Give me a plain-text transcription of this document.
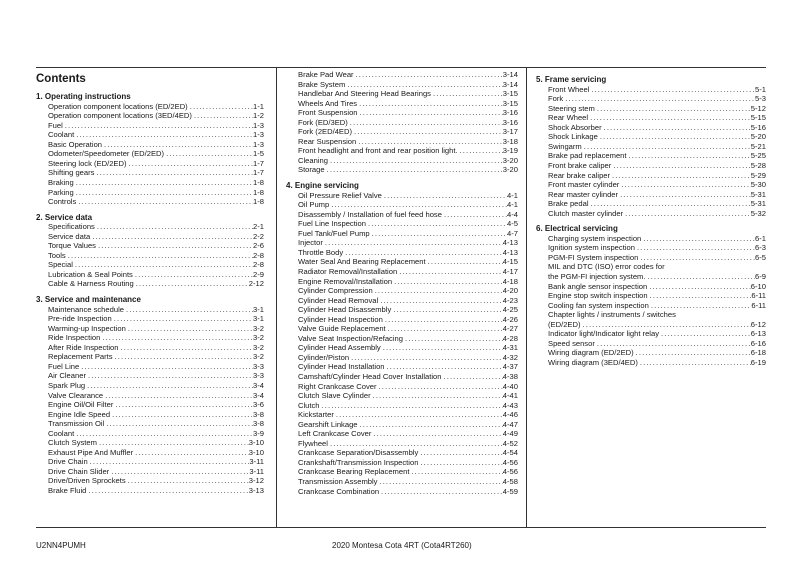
Contents
1. Operating instructions
Operation component locations (ED/2ED) . . .	1-1
Operation component locations (3ED/4ED) . . .	1-2
Fuel . . .	1-3
Coolant . . .	1-3
Basic Operation . . .	1-3
Odometer/Speedometer (ED/2ED) . . .	1-5
Steering lock (ED/2ED) . . .	1-7
Shifting gears . . .	1-7
Braking . . .	1-8
Parking . . .	1-8
Controls . . .	1-8
2. Service data
Specifications . . .	2-1
Service data . . .	2-2
Torque Values . . .	2-6
Tools . . .	2-8
Special . . .	2-8
Lubrication & Seal Points . . .	2-9
Cable & Harness Routing . . .	2-12
3. Service and maintenance
Maintenance schedule . . .	3-1
Pre-ride Inspection . . .	3-1
Warming-up Inspection . . .	3-2
Ride Inspection . . .	3-2
After Ride Inspection . . .	3-2
Replacement Parts . . .	3-2
Fuel Line . . .	3-3
Air Cleaner . . .	3-3
Spark Plug . . .	3-4
Valve Clearance . . .	3-4
Engine Oil/Oil Filter . . .	3-6
Engine Idle Speed . . .	3-8
Transmission Oil . . .	3-8
Coolant . . .	3-9
Clutch System . . .	3-10
Exhaust Pipe And Muffler . . .	3-10
Drive Chain . . .	3-11
Drive Chain Slider . . .	3-11
Drive/Driven Sprockets . . .	3-12
Brake Fluid . . .	3-13
Brake Pad Wear . . .	3-14
Brake System . . .	3-14
Handlebar And Steering Head Bearings . . .	3-15
Wheels And Tires . . .	3-15
Front Suspension . . .	3-16
Fork (ED/3ED) . . .	3-16
Fork (2ED/4ED) . . .	3-17
Rear Suspension . . .	3-18
Front headlight and front and rear position light. . . .	3-19
Cleaning . . .	3-20
Storage . . .	3-20
4. Engine servicing
Oil Pressure Relief Valve . . .	4-1
Oil Pump . . .	4-1
Disassembly / Installation of fuel feed hose . . .	4-4
Fuel Line Inspection . . .	4-5
Fuel Tank/Fuel Pump . . .	4-7
Injector . . .	4-13
Throttle Body . . .	4-13
Water Seal And Bearing Replacement . . .	4-15
Radiator Removal/Installation . . .	4-17
Engine Removal/Installation . . .	4-18
Cylinder Compression . . .	4-20
Cylinder Head Removal . . .	4-23
Cylinder Head Disassembly . . .	4-25
Cylinder Head Inspection . . .	4-26
Valve Guide Replacement . . .	4-27
Valve Seat Inspection/Refacing . . .	4-28
Cylinder Head Assembly . . .	4-31
Cylinder/Piston . . .	4-32
Cylinder Head Installation . . .	4-37
Camshaft/Cylinder Head Cover Installation . . .	4-38
Right Crankcase Cover . . .	4-40
Clutch Slave Cylinder . . .	4-41
Clutch . . .	4-43
Kickstarter . . .	4-46
Gearshift Linkage . . .	4-47
Left Crankcase Cover . . .	4-49
Flywheel . . .	4-52
Crankcase Separation/Disassembly . . .	4-54
Crankshaft/Transmission Inspection . . .	4-56
Crankcase Bearing Replacement . . .	4-56
Transmission Assembly . . .	4-58
Crankcase Combination . . .	4-59
5. Frame servicing
Front Wheel . . .	5-1
Fork . . .	5-3
Steering stem . . .	5-12
Rear Wheel . . .	5-15
Shock Absorber . . .	5-16
Shock Linkage . . .	5-20
Swingarm . . .	5-21
Brake pad replacement . . .	5-25
Front brake caliper . . .	5-28
Rear brake caliper . . .	5-29
Front master cylinder . . .	5-30
Rear master cylinder . . .	5-31
Brake pedal . . .	5-31
Clutch master cylinder . . .	5-32
6. Electrical servicing
Charging system inspection . . .	6-1
Ignition system inspection . . .	6-3
PGM-FI System inspection . . .	6-5
MIL and DTC (ISO) error codes for
the PGM-FI injection system. . . .	6-9
Bank angle sensor inspection . . .	6-10
Engine stop switch inspection . . .	6-11
Cooling fan system inspection . . .	6-11
Chapter lights / instruments / switches
(ED/2ED) . . .	6-12
Indicator light/Indicator light relay . . .	6-13
Speed sensor . . .	6-16
Wiring diagram (ED/2ED) . . .	6-18
Wiring diagram (3ED/4ED) . . .	6-19
U2NN4PUMH	2020 Montesa Cota 4RT (Cota4RT260)
